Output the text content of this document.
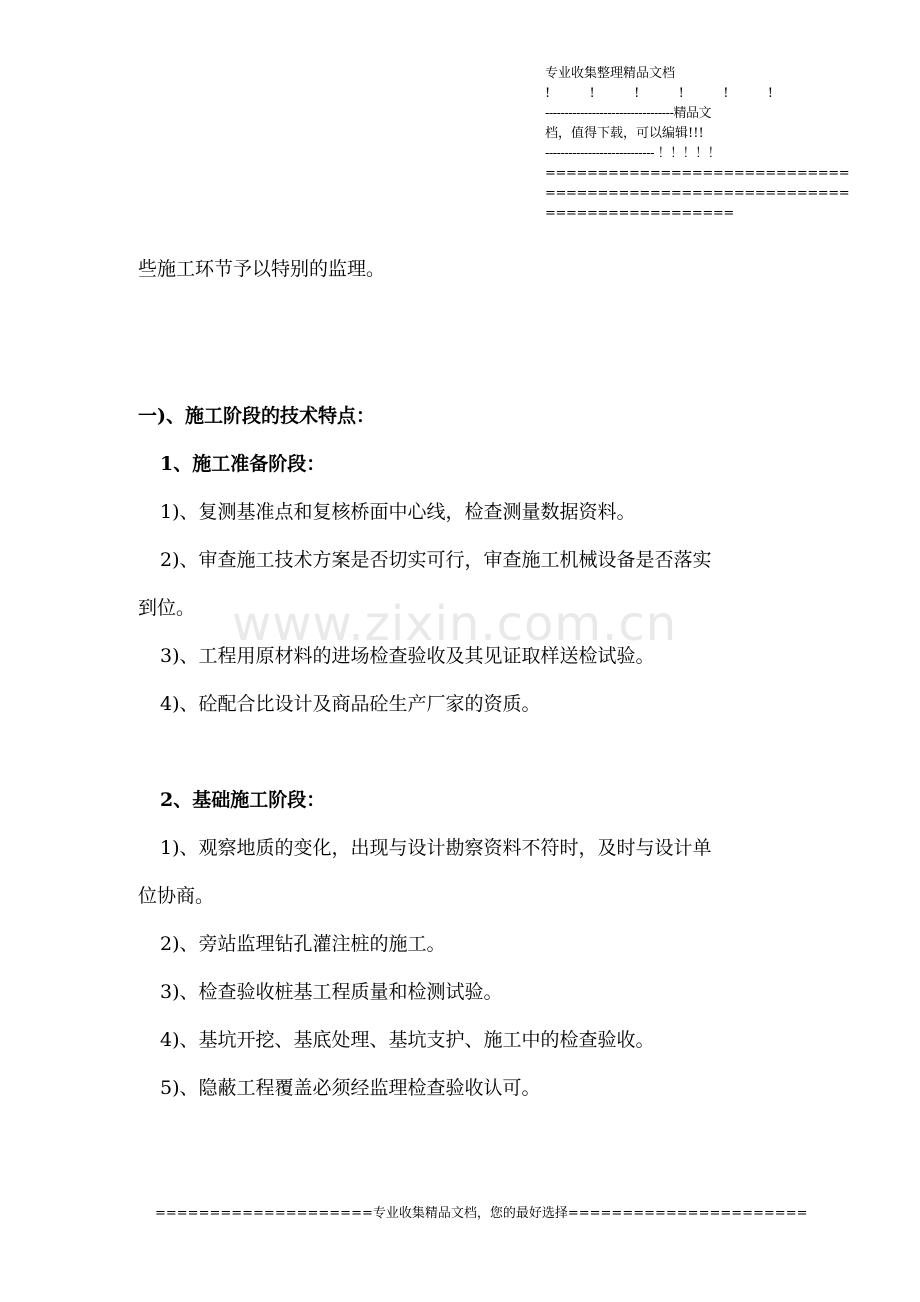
专业收集整理精品文档
!	!	!	!	!	!
---------------------------------精品文
档，值得下载，可以编辑!!!
---------------------------- ！！！！！
=============================
=============================
==================
www.zixin.com.cn
些施工环节予以特别的监理。
一)、施工阶段的技术特点：
1、施工准备阶段：
1)、复测基准点和复核桥面中心线，检查测量数据资料。
2)、审查施工技术方案是否切实可行，审查施工机械设备是否落实
到位。
3)、工程用原材料的进场检查验收及其见证取样送检试验。
4)、砼配合比设计及商品砼生产厂家的资质。
2、基础施工阶段：
1)、观察地质的变化，出现与设计勘察资料不符时，及时与设计单
位协商。
2)、旁站监理钻孔灌注桩的施工。
3)、检查验收桩基工程质量和检测试验。
4)、基坑开挖、基底处理、基坑支护、施工中的检查验收。
5)、隐蔽工程覆盖必须经监理检查验收认可。
====================专业收集精品文档，您的最好选择======================
